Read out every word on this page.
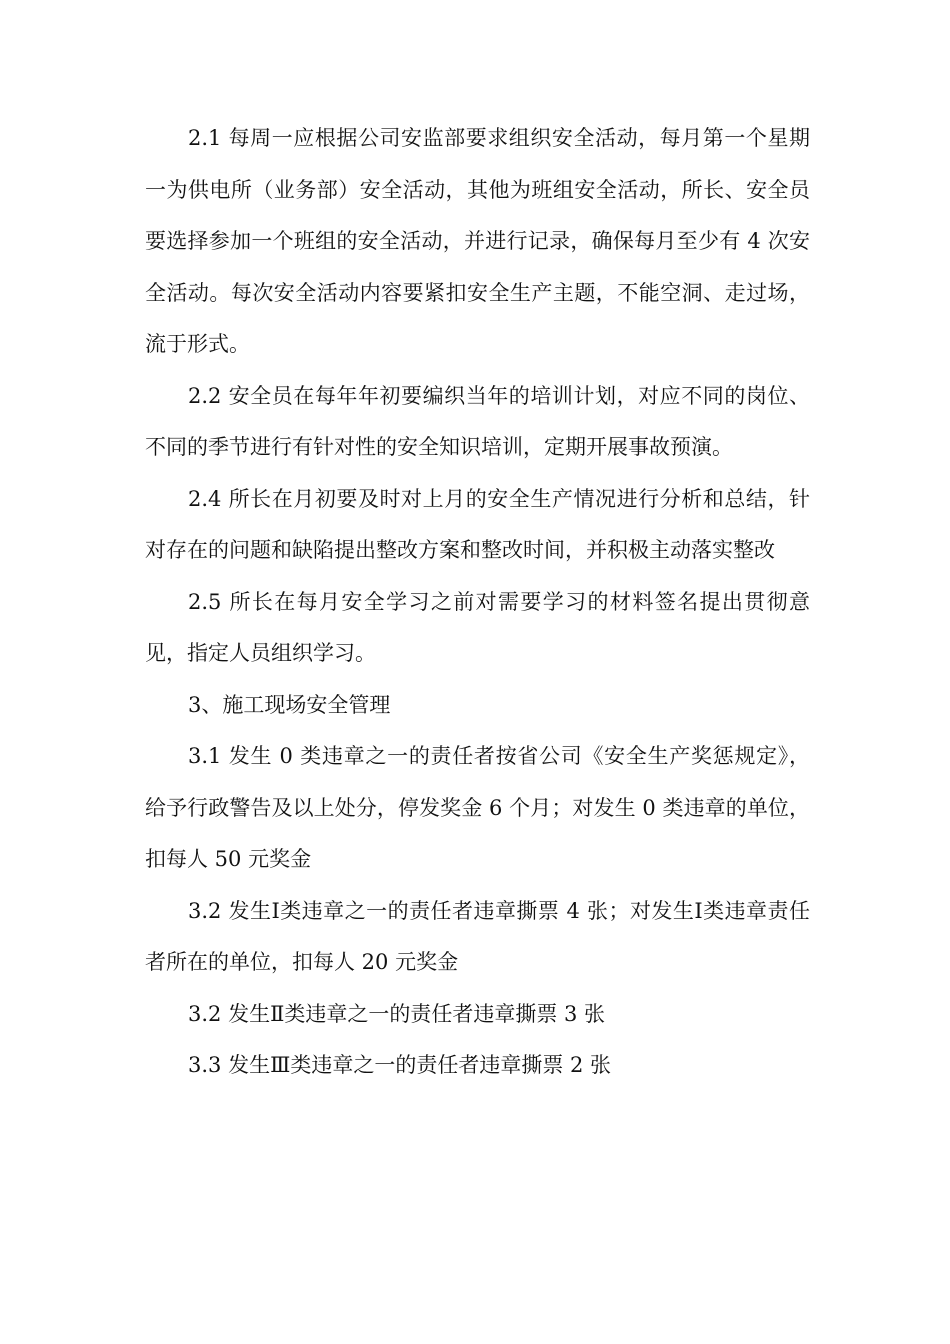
2.1 每周一应根据公司安监部要求组织安全活动，每月第一个星期一为供电所（业务部）安全活动，其他为班组安全活动，所长、安全员要选择参加一个班组的安全活动，并进行记录，确保每月至少有 4 次安全活动。每次安全活动内容要紧扣安全生产主题，不能空洞、走过场，流于形式。

2.2 安全员在每年年初要编织当年的培训计划，对应不同的岗位、不同的季节进行有针对性的安全知识培训，定期开展事故预演。

2.4 所长在月初要及时对上月的安全生产情况进行分析和总结，针对存在的问题和缺陷提出整改方案和整改时间，并积极主动落实整改

2.5 所长在每月安全学习之前对需要学习的材料签名提出贯彻意见，指定人员组织学习。

3、施工现场安全管理

3.1 发生 0 类违章之一的责任者按省公司《安全生产奖惩规定》，给予行政警告及以上处分，停发奖金 6 个月；对发生 0 类违章的单位，扣每人 50 元奖金

3.2 发生Ⅰ类违章之一的责任者违章撕票 4 张；对发生Ⅰ类违章责任者所在的单位，扣每人 20 元奖金

3.2 发生Ⅱ类违章之一的责任者违章撕票 3 张

3.3 发生Ⅲ类违章之一的责任者违章撕票 2 张
